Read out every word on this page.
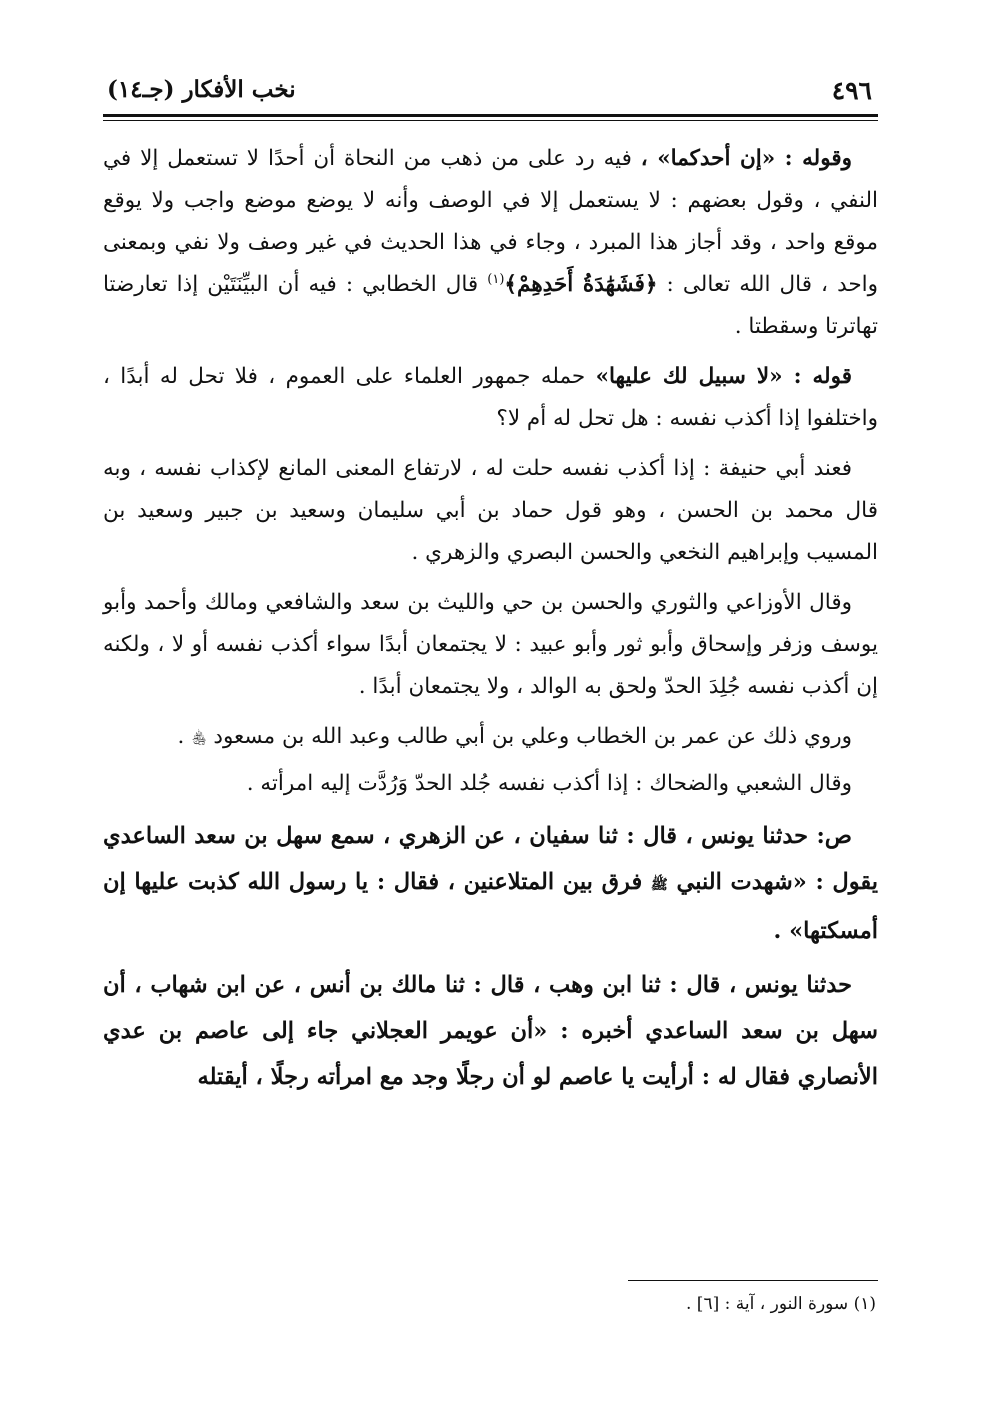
٤٩٦
نخب الأفكار (جـ١٤)

وقوله : «إن أحدكما» ، فيه رد على من ذهب من النحاة أن أحدًا لا تستعمل إلا في النفي ، وقول بعضهم : لا يستعمل إلا في الوصف وأنه لا يوضع موضع واجب ولا يوقع موقع واحد ، وقد أجاز هذا المبرد ، وجاء في هذا الحديث في غير وصف ولا نفي وبمعنى واحد ، قال الله تعالى : ﴿فَشَهَٰدَةُ أَحَدِهِمْ﴾$^{(١)}$ قال الخطابي : فيه أن البيِّنَتَيْن إذا تعارضتا تهاترتا وسقطتا .

قوله : «لا سبيل لك عليها» حمله جمهور العلماء على العموم ، فلا تحل له أبدًا ، واختلفوا إذا أكذب نفسه : هل تحل له أم لا؟

فعند أبي حنيفة : إذا أكذب نفسه حلت له ، لارتفاع المعنى المانع لإكذاب نفسه ، وبه قال محمد بن الحسن ، وهو قول حماد بن أبي سليمان وسعيد بن جبير وسعيد بن المسيب وإبراهيم النخعي والحسن البصري والزهري .

وقال الأوزاعي والثوري والحسن بن حي والليث بن سعد والشافعي ومالك وأحمد وأبو يوسف وزفر وإسحاق وأبو ثور وأبو عبيد : لا يجتمعان أبدًا سواء أكذب نفسه أو لا ، ولكنه إن أكذب نفسه جُلِدَ الحدّ ولحق به الوالد ، ولا يجتمعان أبدًا .

وروي ذلك عن عمر بن الخطاب وعلي بن أبي طالب وعبد الله بن مسعود ﵃ .

وقال الشعبي والضحاك : إذا أكذب نفسه جُلد الحدّ وَرُدَّت إليه امرأته .

ص: حدثنا يونس ، قال : ثنا سفيان ، عن الزهري ، سمع سهل بن سعد الساعدي يقول : «شهدت النبي ﷺ فرق بين المتلاعنين ، فقال : يا رسول الله كذبت عليها إن أمسكتها» .

حدثنا يونس ، قال : ثنا ابن وهب ، قال : ثنا مالك بن أنس ، عن ابن شهاب ، أن سهل بن سعد الساعدي أخبره : «أن عويمر العجلاني جاء إلى عاصم بن عدي الأنصاري فقال له : أرأيت يا عاصم لو أن رجلًا وجد مع امرأته رجلًا ، أيقتله

(١) سورة النور ، آية : [٦] .
